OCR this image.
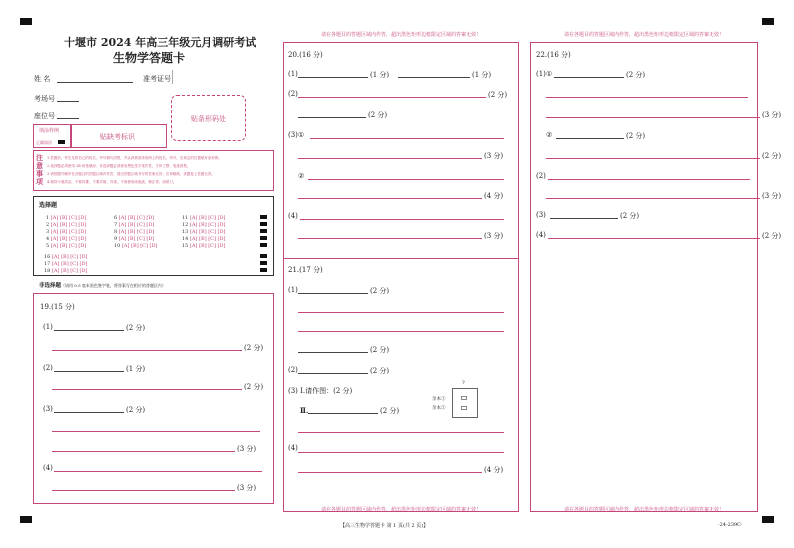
十堰市 2024 年高三年级元月调研考试
生物学答题卡
姓 名	准考证号
考场号
座位号	贴条形码处
填涂样例
正确填涂
贴缺考标识
注意事项
1.答题前，考生先将自己的姓名、考号填写清楚，并认真核准条形码上的姓名、考号，在规定的位置贴好条形码。
2.选择题必须使用 2B 铅笔填涂；非选择题必须使用黑色签字笔作答，字体工整、笔迹清楚。
3.请按题号顺序在各题目的答题区域内作答，超出答题区域书写的答案无效；在草稿纸、试题卷上答题无效。
4.保持卡面清洁，不要折叠，不要弄破、弄皱，不准使用涂改液、修正带、刮纸刀。
选择题
1 [A] [B] [C] [D]
2 [A] [B] [C] [D]
3 [A] [B] [C] [D]
4 [A] [B] [C] [D]
5 [A] [B] [C] [D]
6 [A] [B] [C] [D]
7 [A] [B] [C] [D]
8 [A] [B] [C] [D]
9 [A] [B] [C] [D]
10 [A] [B] [C] [D]
11 [A] [B] [C] [D]
12 [A] [B] [C] [D]
13 [A] [B] [C] [D]
14 [A] [B] [C] [D]
15 [A] [B] [C] [D]
16 [A] [B] [C] [D]
17 [A] [B] [C] [D]
18 [A] [B] [C] [D]
非选择题（请用 0.5 毫米黑色签字笔，将答案写在相应的答题区内）
19.(15 分)
(1)	(2 分)
(2 分)
(2)	(1 分)
(2 分)
(3)	(2 分)
(3 分)
(4)
(3 分)
请在各题目的答题区域内作答，超出黑色矩形边框限定区域的答案无效！
请在各题目的答题区域内作答，超出黑色矩形边框限定区域的答案无效！
20.(16 分)
(1)	(1 分)	(1 分)
(2)	(2 分)
(2 分)
(3)①
(3 分)
②
(4 分)
(4)
(3 分)
21.(17 分)
(1)	(2 分)
(2 分)
(2)	(2 分)
(3) Ⅰ.请作图：(2 分)
Ⅱ.	(2 分)
?
亲本①
亲本②
(4)
(4 分)
请在各题目的答题区域内作答，超出黑色矩形边框限定区域的答案无效！
请在各题目的答题区域内作答，超出黑色矩形边框限定区域的答案无效！
22.(16 分)
(1)①	(2 分)
(3 分)
②	(2 分)
(2 分)
(2)
(3 分)
(3)	(2 分)
(4)	(2 分)
【高三生物学答题卡 第 1 页(共 2 页)】	·24-239C·
